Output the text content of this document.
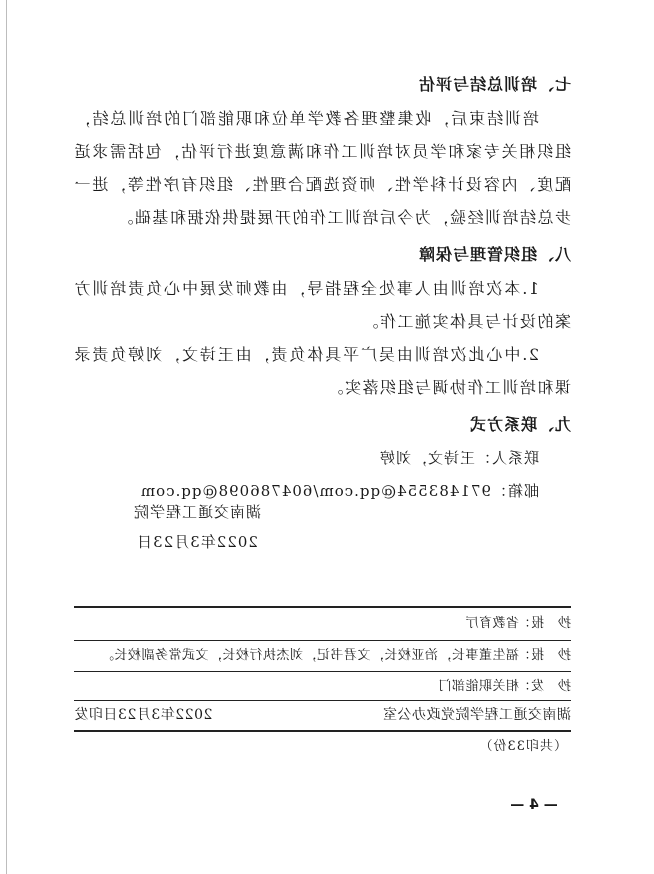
七、培训总结与评估

培训结束后，收集整理各教学单位和职能部门的培训总结，组织相关专家和学员对培训工作和满意度进行评估，包括需求适配度、内容设计科学性、师资选配合理性、组织有序性等，进一步总结培训经验，为今后培训工作的开展提供依据和基础。

八、组织管理与保障

1.本次培训由人事处全程指导，由教师发展中心负责培训方案的设计与具体实施工作。

2.中心此次培训由吴广平具体负责，由王诗文，刘婷负责录课和培训工作协调与组织落实。

九、联系方式

联系人：王诗文，刘婷

邮箱：971483554@qq.com/604786098@qq.com

湖南交通工程学院
2022年3月23日
抄　报：省教育厅
抄　报：福生董事长，治亚校长，文君书记，刘杰执行校长，文武常务副校长。
抄　发：相关职能部门
湖南交通工程学院党政办公室
2022年3月23日印发
（共印33份）
— 4 —
